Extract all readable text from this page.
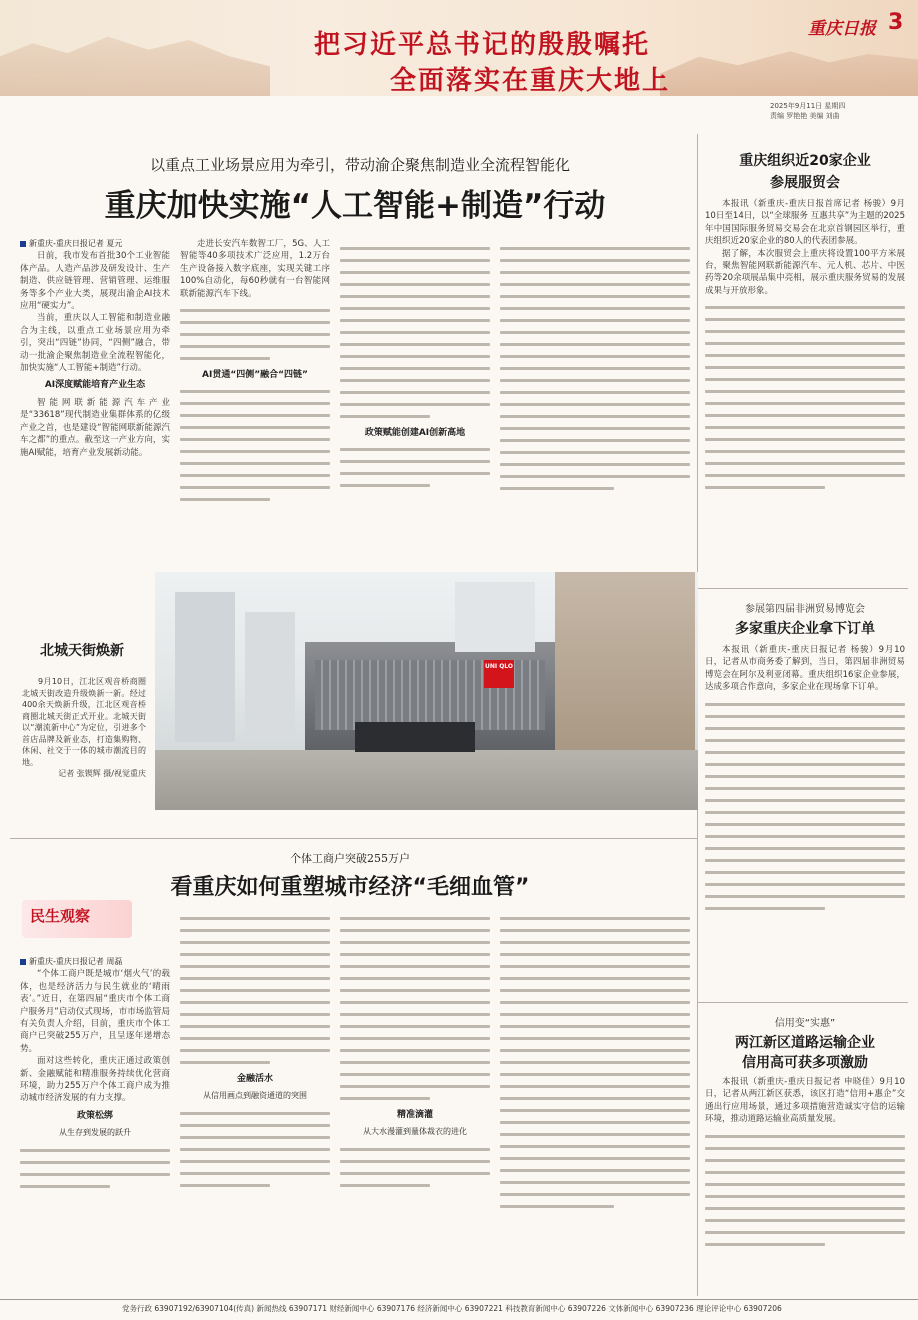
把习近平总书记的殷殷嘱托
全面落实在重庆大地上
重庆日报 3
2025年9月11日 星期四
责编 罗艳艳 美编 刘曲
以重点工业场景应用为牵引，带动渝企聚焦制造业全流程智能化
重庆加快实施“人工智能+制造”行动
新重庆-重庆日报记者 夏元

日前，我市发布首批30个工业智能体产品。人造产品涉及研发设计、生产制造、供应链管理、营销管理、运维服务等多个产业大类，展现出渝企AI技术应用“硬实力”。

当前，重庆以人工智能和制造业融合为主线，以重点工业场景应用为牵引，突出“四链”协同，“四侧”融合，带动一批渝企聚焦制造业全流程智能化，加快实施“人工智能+制造”行动。

AI深度赋能培育产业生态

智能网联新能源汽车产业是“33618”现代制造业集群体系的亿级产业之首，也是建设“智能网联新能源汽车之都”的重点。截至这一产业方向，实施AI赋能，培育产业发展新动能。

走进长安汽车数智工厂，5G、人工智能等40多项技术广泛应用，1.2万台生产设备接入数字底座，实现关键工序100%自动化，每60秒就有一台智能网联新能源汽车下线。

AI贯通“四侧”融合“四链”
政策赋能创建AI创新高地
UNI QLO
北城天街焕新

9月10日，江北区观音桥商圈北城天街改造升级焕新一新。经过400余天焕新升级，江北区观音桥商圈北城天街正式开业。北城天街以“潮流新中心”为定位，引进多个首店品牌及新业态，打造集购物、休闲、社交于一体的城市潮流目的地。

记者 张锲辉 摄/视觉重庆
个体工商户突破255万户
看重庆如何重塑城市经济“毛细血管”
民生观察
新重庆-重庆日报记者 周磊

“个体工商户既是城市‘烟火气’的载体，也是经济活力与民生就业的‘晴雨表’。”近日，在第四届“重庆市个体工商户服务月”启动仪式现场，市市场监管局有关负责人介绍，目前，重庆市个体工商户已突破255万户，且呈逐年递增态势。

面对这些转化，重庆正通过政策创新、金融赋能和精准服务持续优化营商环境，助力255万户个体工商户成为推动城市经济发展的有力支撑。

政策松绑
从生存到发展的跃升
金融活水
从信用画点到融资通道的突围
精准滴灌
从大水漫灌到量体裁衣的进化
重庆组织近20家企业
参展服贸会

本报讯（新重庆-重庆日报首席记者 杨骏）9月10日至14日，以“全球服务 互惠共享”为主题的2025年中国国际服务贸易交易会在北京首钢园区举行，重庆组织近20家企业的80人的代表团参展。

据了解，本次服贸会上重庆将设置100平方米展台，聚焦智能网联新能源汽车、元人机、芯片、中医药等20余项展品集中亮相，展示重庆服务贸易的发展成果与开放形象。

参展第四届非洲贸易博览会
多家重庆企业拿下订单

本报讯（新重庆-重庆日报记者 杨骏）9月10日，记者从市商务委了解到，当日，第四届非洲贸易博览会在阿尔及利亚闭幕。重庆组织16家企业参展，达成多项合作意向，多家企业在现场拿下订单。

信用变“实惠”
两江新区道路运输企业
信用高可获多项激励

本报讯（新重庆-重庆日报记者 申晓佳）9月10日，记者从两江新区获悉，该区打造“信用+惠企”交通出行应用场景，通过多项措施营造诚实守信的运输环境，推动道路运输业高质量发展。

党务行政 63907192/63907104(传真) 新闻热线 63907171 财经新闻中心 63907176 经济新闻中心 63907221 科技教育新闻中心 63907226 文体新闻中心 63907236 理论评论中心 63907206
